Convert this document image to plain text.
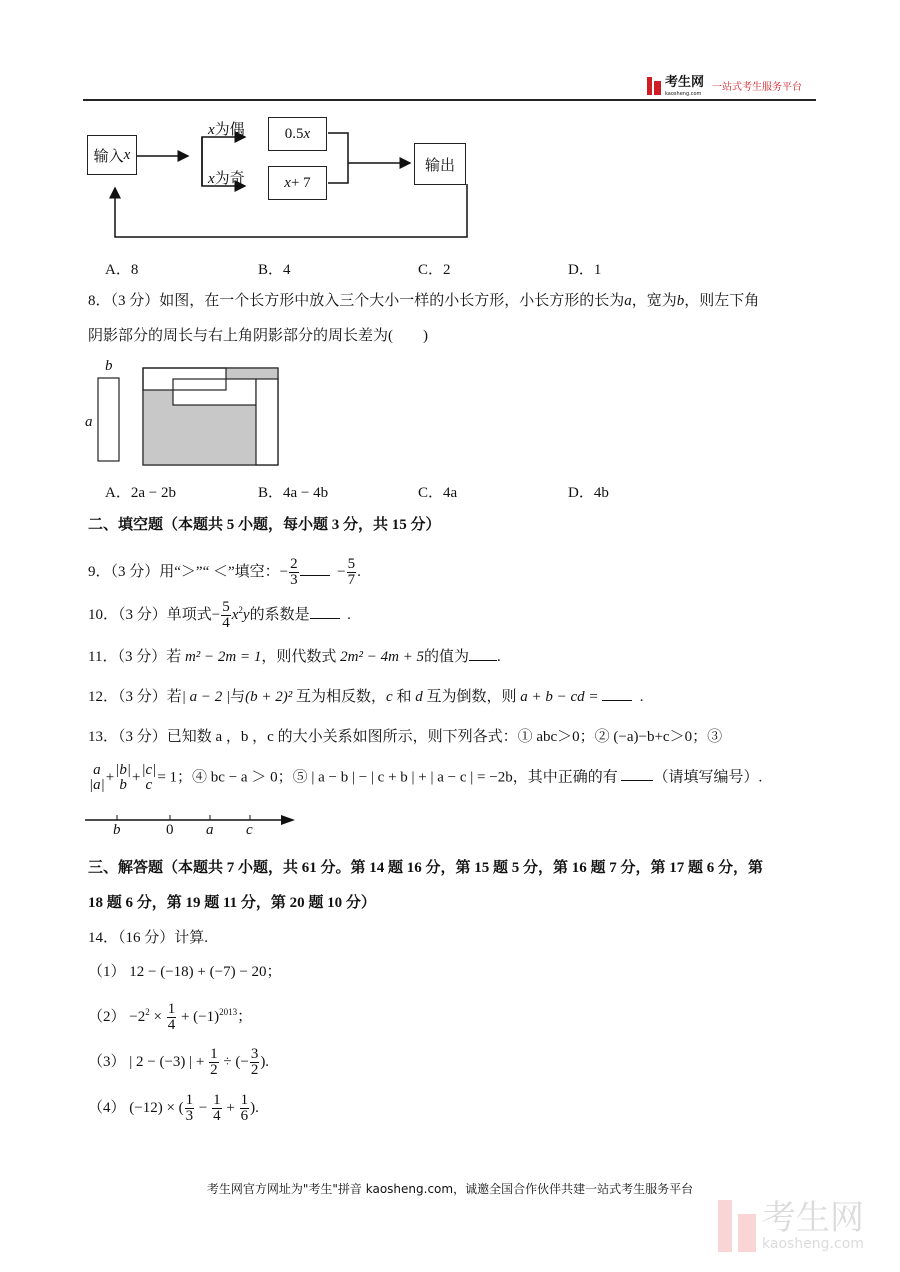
考生网
kaosheng.com
一站式考生服务平台
输入 x
x为偶
x为奇
0.5 x
x + 7
输出
A．8	B．4	C．2	D．1
8．（3 分）如图，在一个长方形中放入三个大小一样的小长方形，小长方形的长为a，宽为b，则左下角
阴影部分的周长与右上角阴影部分的周长差为(　　)
b
a
A．2a − 2b	B．4a − 4b	C．4a	D．4b
二、填空题（本题共 5 小题，每小题 3 分，共 15 分）
9．（3 分）用“＞”“ ＜”填空：− $\frac{2}{3}$	− $\frac{5}{7}$ .
10．（3 分）单项式− $\frac{5}{4} x^2y$的系数是	.
11．（3 分）若 m² − 2m = 1，则代数式 2m² − 4m + 5的值为 .
12．（3 分）若| a − 2 |与(b + 2)² 互为相反数，c 和 d 互为倒数，则 a + b − cd =	.
13．（3 分）已知数 a ，b ，c 的大小关系如图所示，则下列各式：① abc＞0；② (−a)−b+c＞0；③
a
|a| + |b|
b + |c|
c = 1；④ bc − a ＞ 0；⑤ | a − b | − | c + b | + | a − c | = −2b，其中正确的有 （请填写编号）.
b	0 a c
三、解答题（本题共 7 小题，共 61 分。第 14 题 16 分，第 15 题 5 分，第 16 题 7 分，第 17 题 6 分，第
18 题 6 分，第 19 题 11 分，第 20 题 10 分）
14．（16 分）计算.
（1） 12 − (−18) + (−7) − 20；
$(2) -2^2 \times \frac{1}{4} + (-1)^{2013}$；
（3） | 2 − (−3) | + $\frac{1}{2}$ ÷ (− $\frac{3}{2}$ ).
（4） (−12) × ( $\frac{1}{3} - \frac{1}{4} + \frac{1}{6}$ ).
考生网官方网址为"考生"拼音 kaosheng.com，诚邀全国合作伙伴共建一站式考生服务平台
考生网
kaosheng.com
